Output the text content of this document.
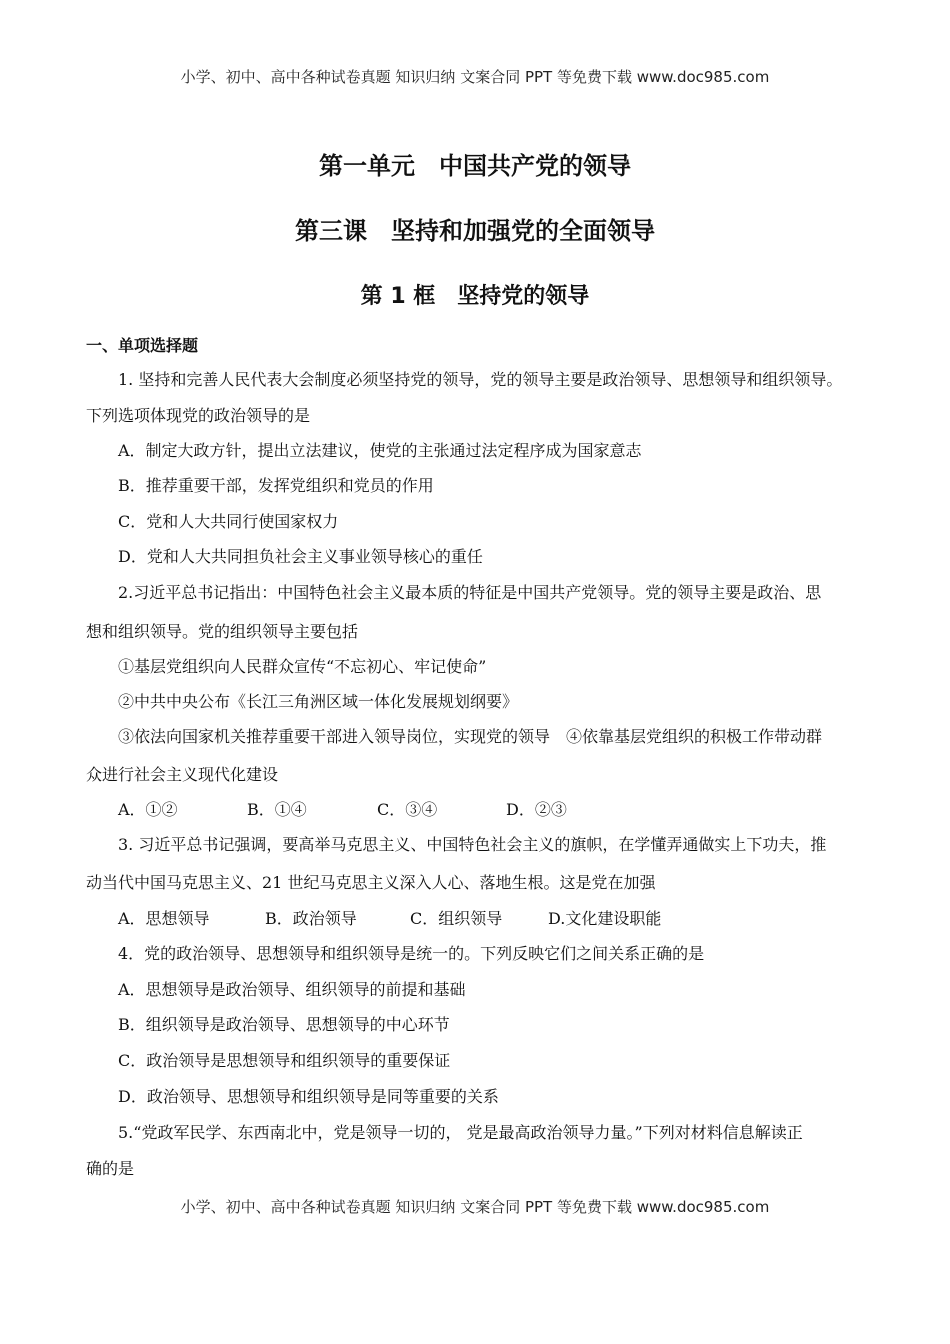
小学、初中、高中各种试卷真题 知识归纳 文案合同 PPT 等免费下载 www.doc985.com
第一单元　中国共产党的领导
第三课　坚持和加强党的全面领导
第 1 框　坚持党的领导
一、单项选择题
1. 坚持和完善人民代表大会制度必须坚持党的领导，党的领导主要是政治领导、思想领导和组织领导。
下列选项体现党的政治领导的是
A．制定大政方针，提出立法建议，使党的主张通过法定程序成为国家意志
B．推荐重要干部，发挥党组织和党员的作用
C．党和人大共同行使国家权力
D．党和人大共同担负社会主义事业领导核心的重任
2.习近平总书记指出：中国特色社会主义最本质的特征是中国共产党领导。党的领导主要是政治、思
想和组织领导。党的组织领导主要包括
①基层党组织向人民群众宣传“不忘初心、牢记使命”
②中共中央公布《长江三角洲区域一体化发展规划纲要》
③依法向国家机关推荐重要干部进入领导岗位，实现党的领导　④依靠基层党组织的积极工作带动群
众进行社会主义现代化建设
A．①②	B．①④	C．③④	D．②③
3. 习近平总书记强调，要高举马克思主义、中国特色社会主义的旗帜，在学懂弄通做实上下功夫，推
动当代中国马克思主义、21 世纪马克思主义深入人心、落地生根。这是党在加强
A．思想领导	B．政治领导	C．组织领导	D.文化建设职能
4．党的政治领导、思想领导和组织领导是统一的。下列反映它们之间关系正确的是
A．思想领导是政治领导、组织领导的前提和基础
B．组织领导是政治领导、思想领导的中心环节
C．政治领导是思想领导和组织领导的重要保证
D．政治领导、思想领导和组织领导是同等重要的关系
5.“党政军民学、东西南北中，党是领导一切的， 党是最高政治领导力量。”下列对材料信息解读正
确的是
小学、初中、高中各种试卷真题 知识归纳 文案合同 PPT 等免费下载 www.doc985.com
